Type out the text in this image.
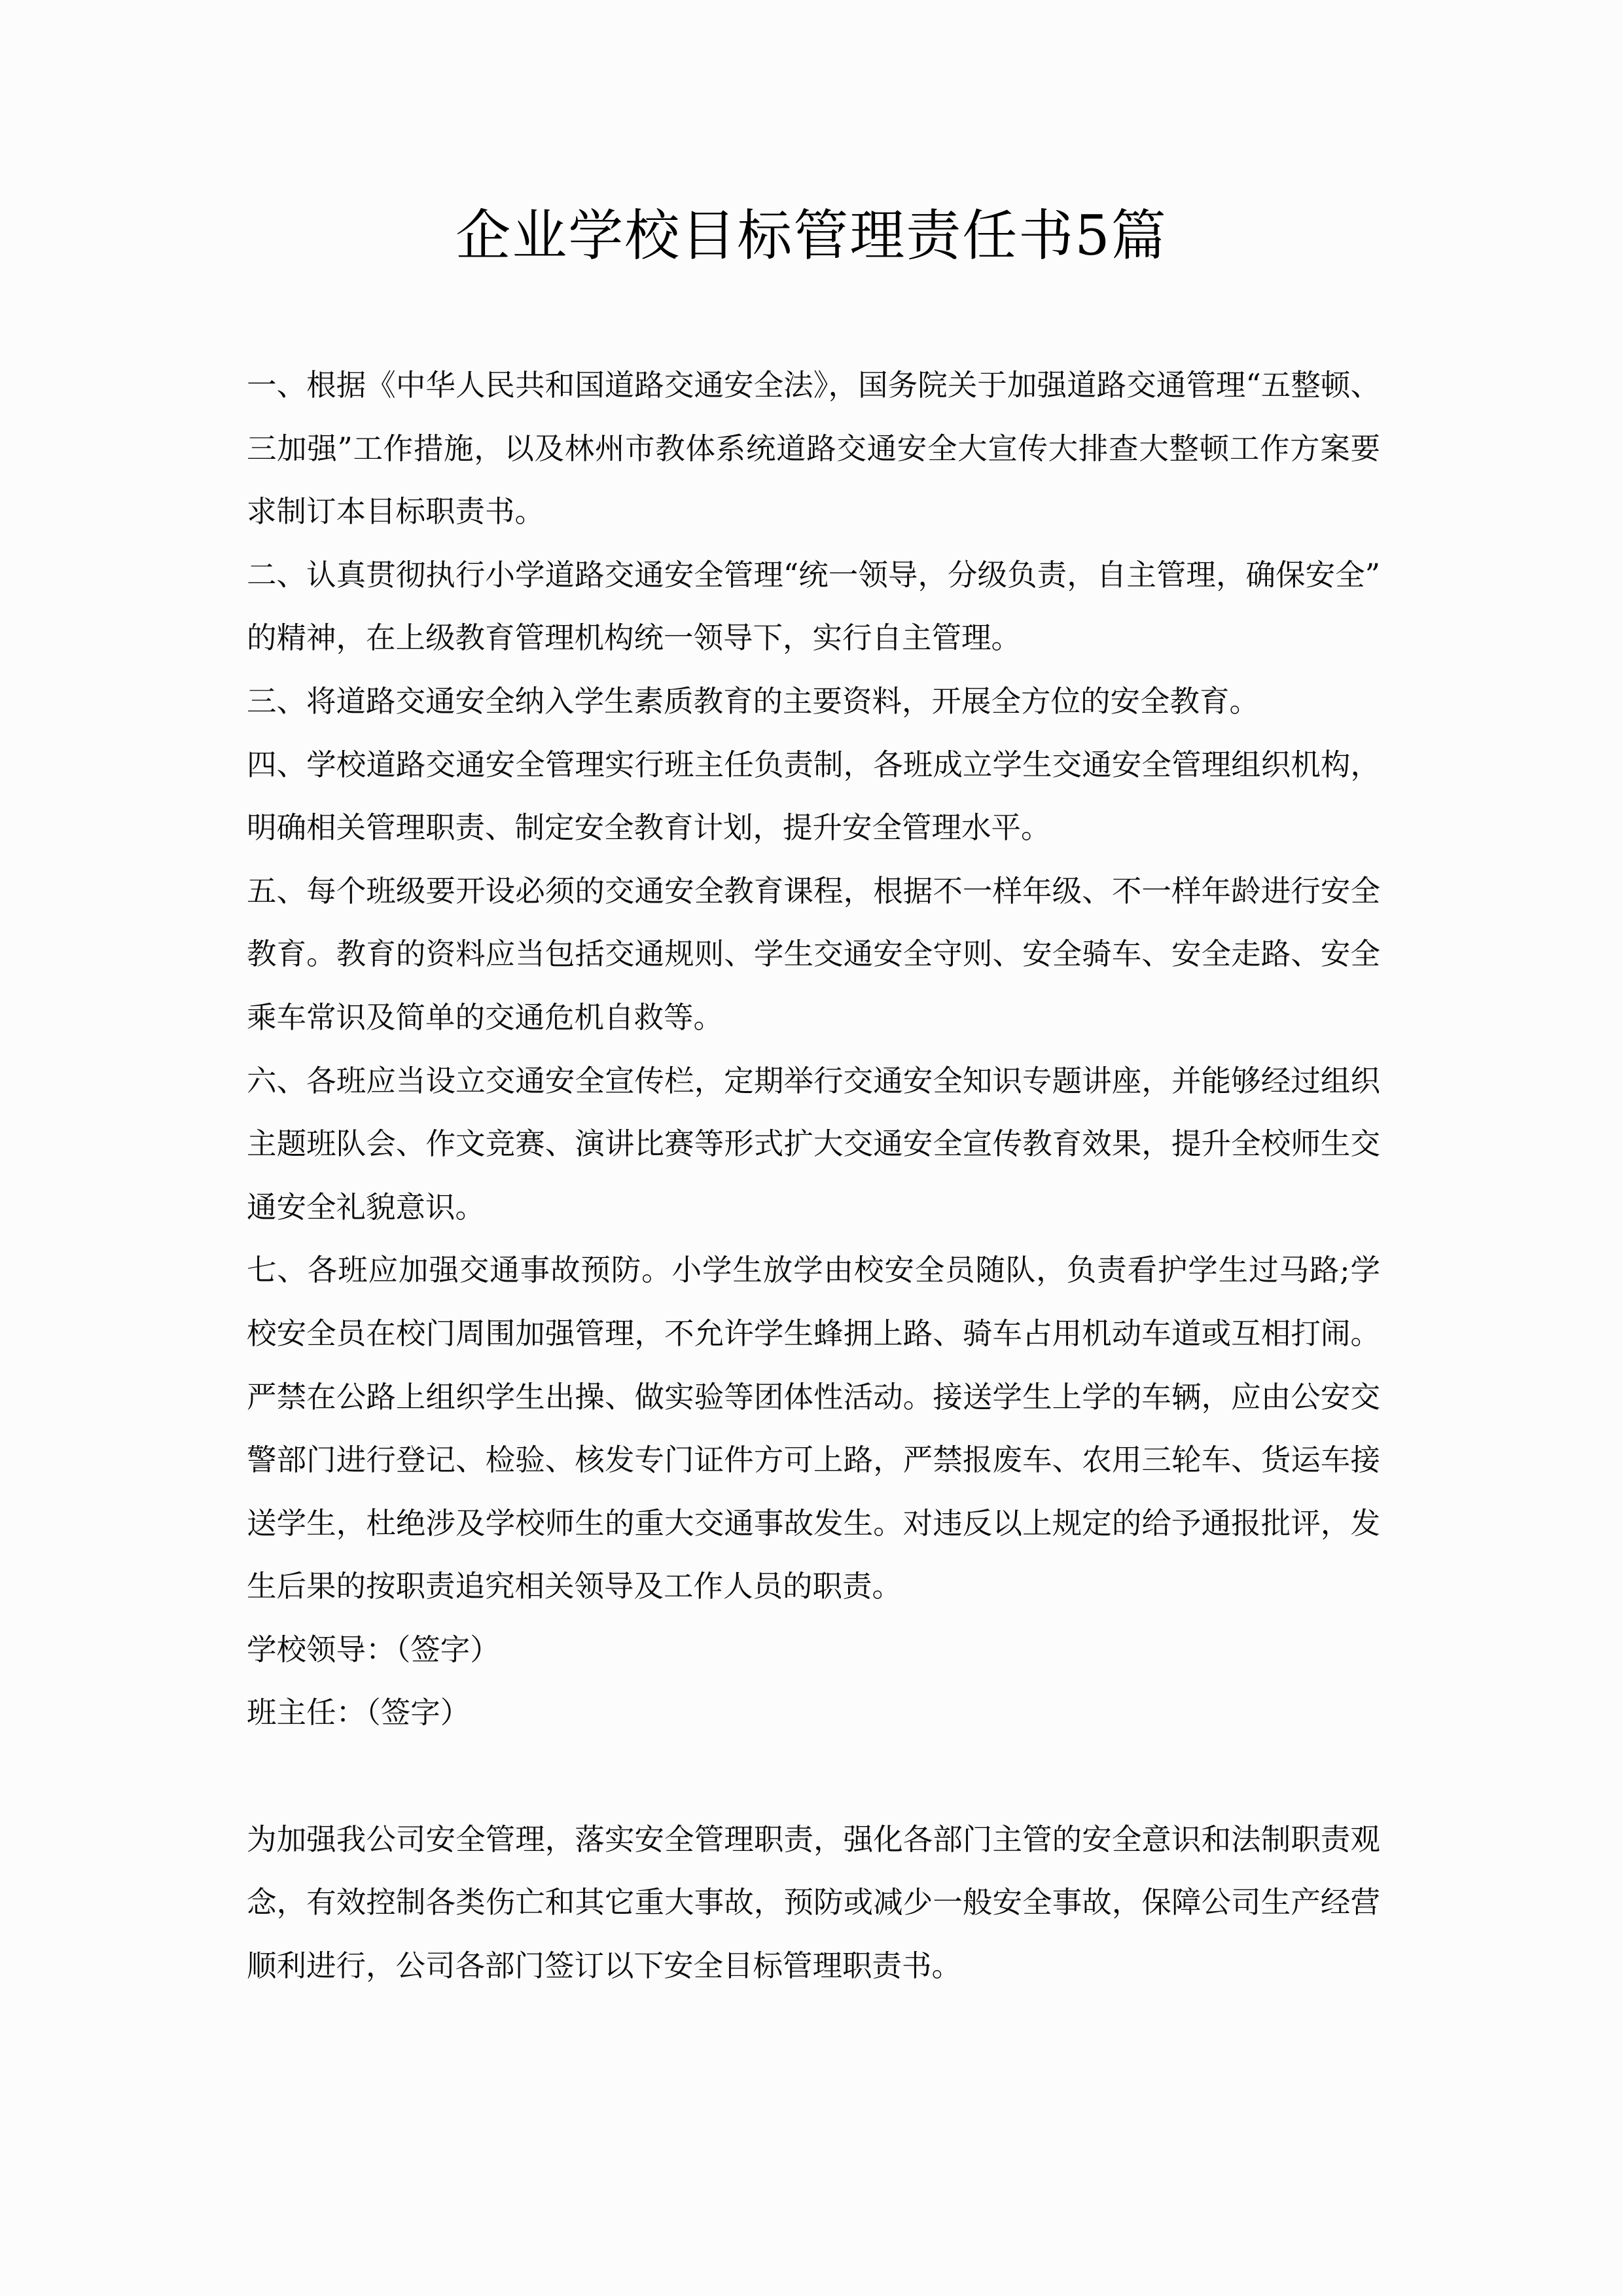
企业学校目标管理责任书5篇

一、根据《中华人民共和国道路交通安全法》，国务院关于加强道路交通管理“五整顿、三加强”工作措施，以及林州市教体系统道路交通安全大宣传大排查大整顿工作方案要求制订本目标职责书。

二、认真贯彻执行小学道路交通安全管理“统一领导，分级负责，自主管理，确保安全”的精神，在上级教育管理机构统一领导下，实行自主管理。

三、将道路交通安全纳入学生素质教育的主要资料，开展全方位的安全教育。

四、学校道路交通安全管理实行班主任负责制，各班成立学生交通安全管理组织机构，明确相关管理职责、制定安全教育计划，提升安全管理水平。

五、每个班级要开设必须的交通安全教育课程，根据不一样年级、不一样年龄进行安全教育。教育的资料应当包括交通规则、学生交通安全守则、安全骑车、安全走路、安全乘车常识及简单的交通危机自救等。

六、各班应当设立交通安全宣传栏，定期举行交通安全知识专题讲座，并能够经过组织主题班队会、作文竞赛、演讲比赛等形式扩大交通安全宣传教育效果，提升全校师生交通安全礼貌意识。

七、各班应加强交通事故预防。小学生放学由校安全员随队，负责看护学生过马路;学校安全员在校门周围加强管理，不允许学生蜂拥上路、骑车占用机动车道或互相打闹。严禁在公路上组织学生出操、做实验等团体性活动。接送学生上学的车辆，应由公安交警部门进行登记、检验、核发专门证件方可上路，严禁报废车、农用三轮车、货运车接送学生，杜绝涉及学校师生的重大交通事故发生。对违反以上规定的给予通报批评，发生后果的按职责追究相关领导及工作人员的职责。

学校领导：（签字）

班主任：（签字）

为加强我公司安全管理，落实安全管理职责，强化各部门主管的安全意识和法制职责观念，有效控制各类伤亡和其它重大事故，预防或减少一般安全事故，保障公司生产经营顺利进行，公司各部门签订以下安全目标管理职责书。
